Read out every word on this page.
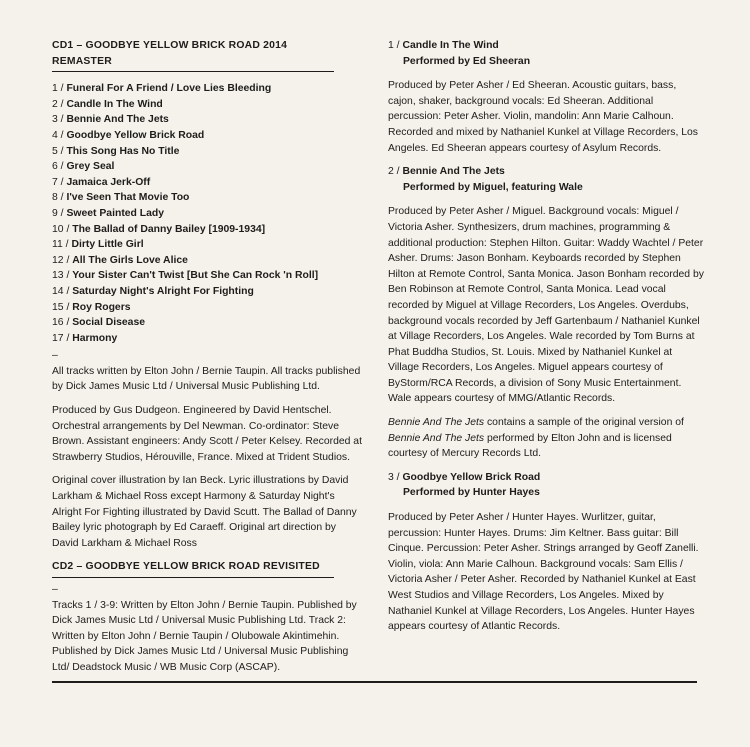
CD1 – GOODBYE YELLOW BRICK ROAD 2014 REMASTER
1 / Funeral For A Friend / Love Lies Bleeding
2 / Candle In The Wind
3 / Bennie And The Jets
4 / Goodbye Yellow Brick Road
5 / This Song Has No Title
6 / Grey Seal
7 / Jamaica Jerk-Off
8 / I've Seen That Movie Too
9 / Sweet Painted Lady
10 / The Ballad of Danny Bailey [1909-1934]
11 / Dirty Little Girl
12 / All The Girls Love Alice
13 / Your Sister Can't Twist [But She Can Rock 'n Roll]
14 / Saturday Night's Alright For Fighting
15 / Roy Rogers
16 / Social Disease
17 / Harmony
–

All tracks written by Elton John / Bernie Taupin. All tracks published by Dick James Music Ltd / Universal Music Publishing Ltd.

Produced by Gus Dudgeon. Engineered by David Hentschel. Orchestral arrangements by Del Newman. Co-ordinator: Steve Brown. Assistant engineers: Andy Scott / Peter Kelsey. Recorded at Strawberry Studios, Hérouville, France. Mixed at Trident Studios.

Original cover illustration by Ian Beck. Lyric illustrations by David Larkham & Michael Ross except Harmony & Saturday Night's Alright For Fighting illustrated by David Scutt. The Ballad of Danny Bailey lyric photograph by Ed Caraeff. Original art direction by David Larkham & Michael Ross

CD2 – GOODBYE YELLOW BRICK ROAD REVISITED
–

Tracks 1 / 3-9: Written by Elton John / Bernie Taupin. Published by Dick James Music Ltd / Universal Music Publishing Ltd. Track 2: Written by Elton John / Bernie Taupin / Olubowale Akintimehin. Published by Dick James Music Ltd / Universal Music Publishing Ltd/ Deadstock Music / WB Music Corp (ASCAP).

1 / Candle In The Wind
Performed by Ed Sheeran

Produced by Peter Asher / Ed Sheeran. Acoustic guitars, bass, cajon, shaker, background vocals: Ed Sheeran. Additional percussion: Peter Asher. Violin, mandolin: Ann Marie Calhoun. Recorded and mixed by Nathaniel Kunkel at Village Recorders, Los Angeles. Ed Sheeran appears courtesy of Asylum Records.

2 / Bennie And The Jets
Performed by Miguel, featuring Wale

Produced by Peter Asher / Miguel. Background vocals: Miguel / Victoria Asher. Synthesizers, drum machines, programming & additional production: Stephen Hilton. Guitar: Waddy Wachtel / Peter Asher. Drums: Jason Bonham. Keyboards recorded by Stephen Hilton at Remote Control, Santa Monica. Jason Bonham recorded by Ben Robinson at Remote Control, Santa Monica. Lead vocal recorded by Miguel at Village Recorders, Los Angeles. Overdubs, background vocals recorded by Jeff Gartenbaum / Nathaniel Kunkel at Village Recorders, Los Angeles. Wale recorded by Tom Burns at Phat Buddha Studios, St. Louis. Mixed by Nathaniel Kunkel at Village Recorders, Los Angeles. Miguel appears courtesy of ByStorm/RCA Records, a division of Sony Music Entertainment. Wale appears courtesy of MMG/Atlantic Records.

Bennie And The Jets contains a sample of the original version of Bennie And The Jets performed by Elton John and is licensed courtesy of Mercury Records Ltd.

3 / Goodbye Yellow Brick Road
Performed by Hunter Hayes

Produced by Peter Asher / Hunter Hayes. Wurlitzer, guitar, percussion: Hunter Hayes. Drums: Jim Keltner. Bass guitar: Bill Cinque. Percussion: Peter Asher. Strings arranged by Geoff Zanelli. Violin, viola: Ann Marie Calhoun. Background vocals: Sam Ellis / Victoria Asher / Peter Asher. Recorded by Nathaniel Kunkel at East West Studios and Village Recorders, Los Angeles. Mixed by Nathaniel Kunkel at Village Recorders, Los Angeles. Hunter Hayes appears courtesy of Atlantic Records.
